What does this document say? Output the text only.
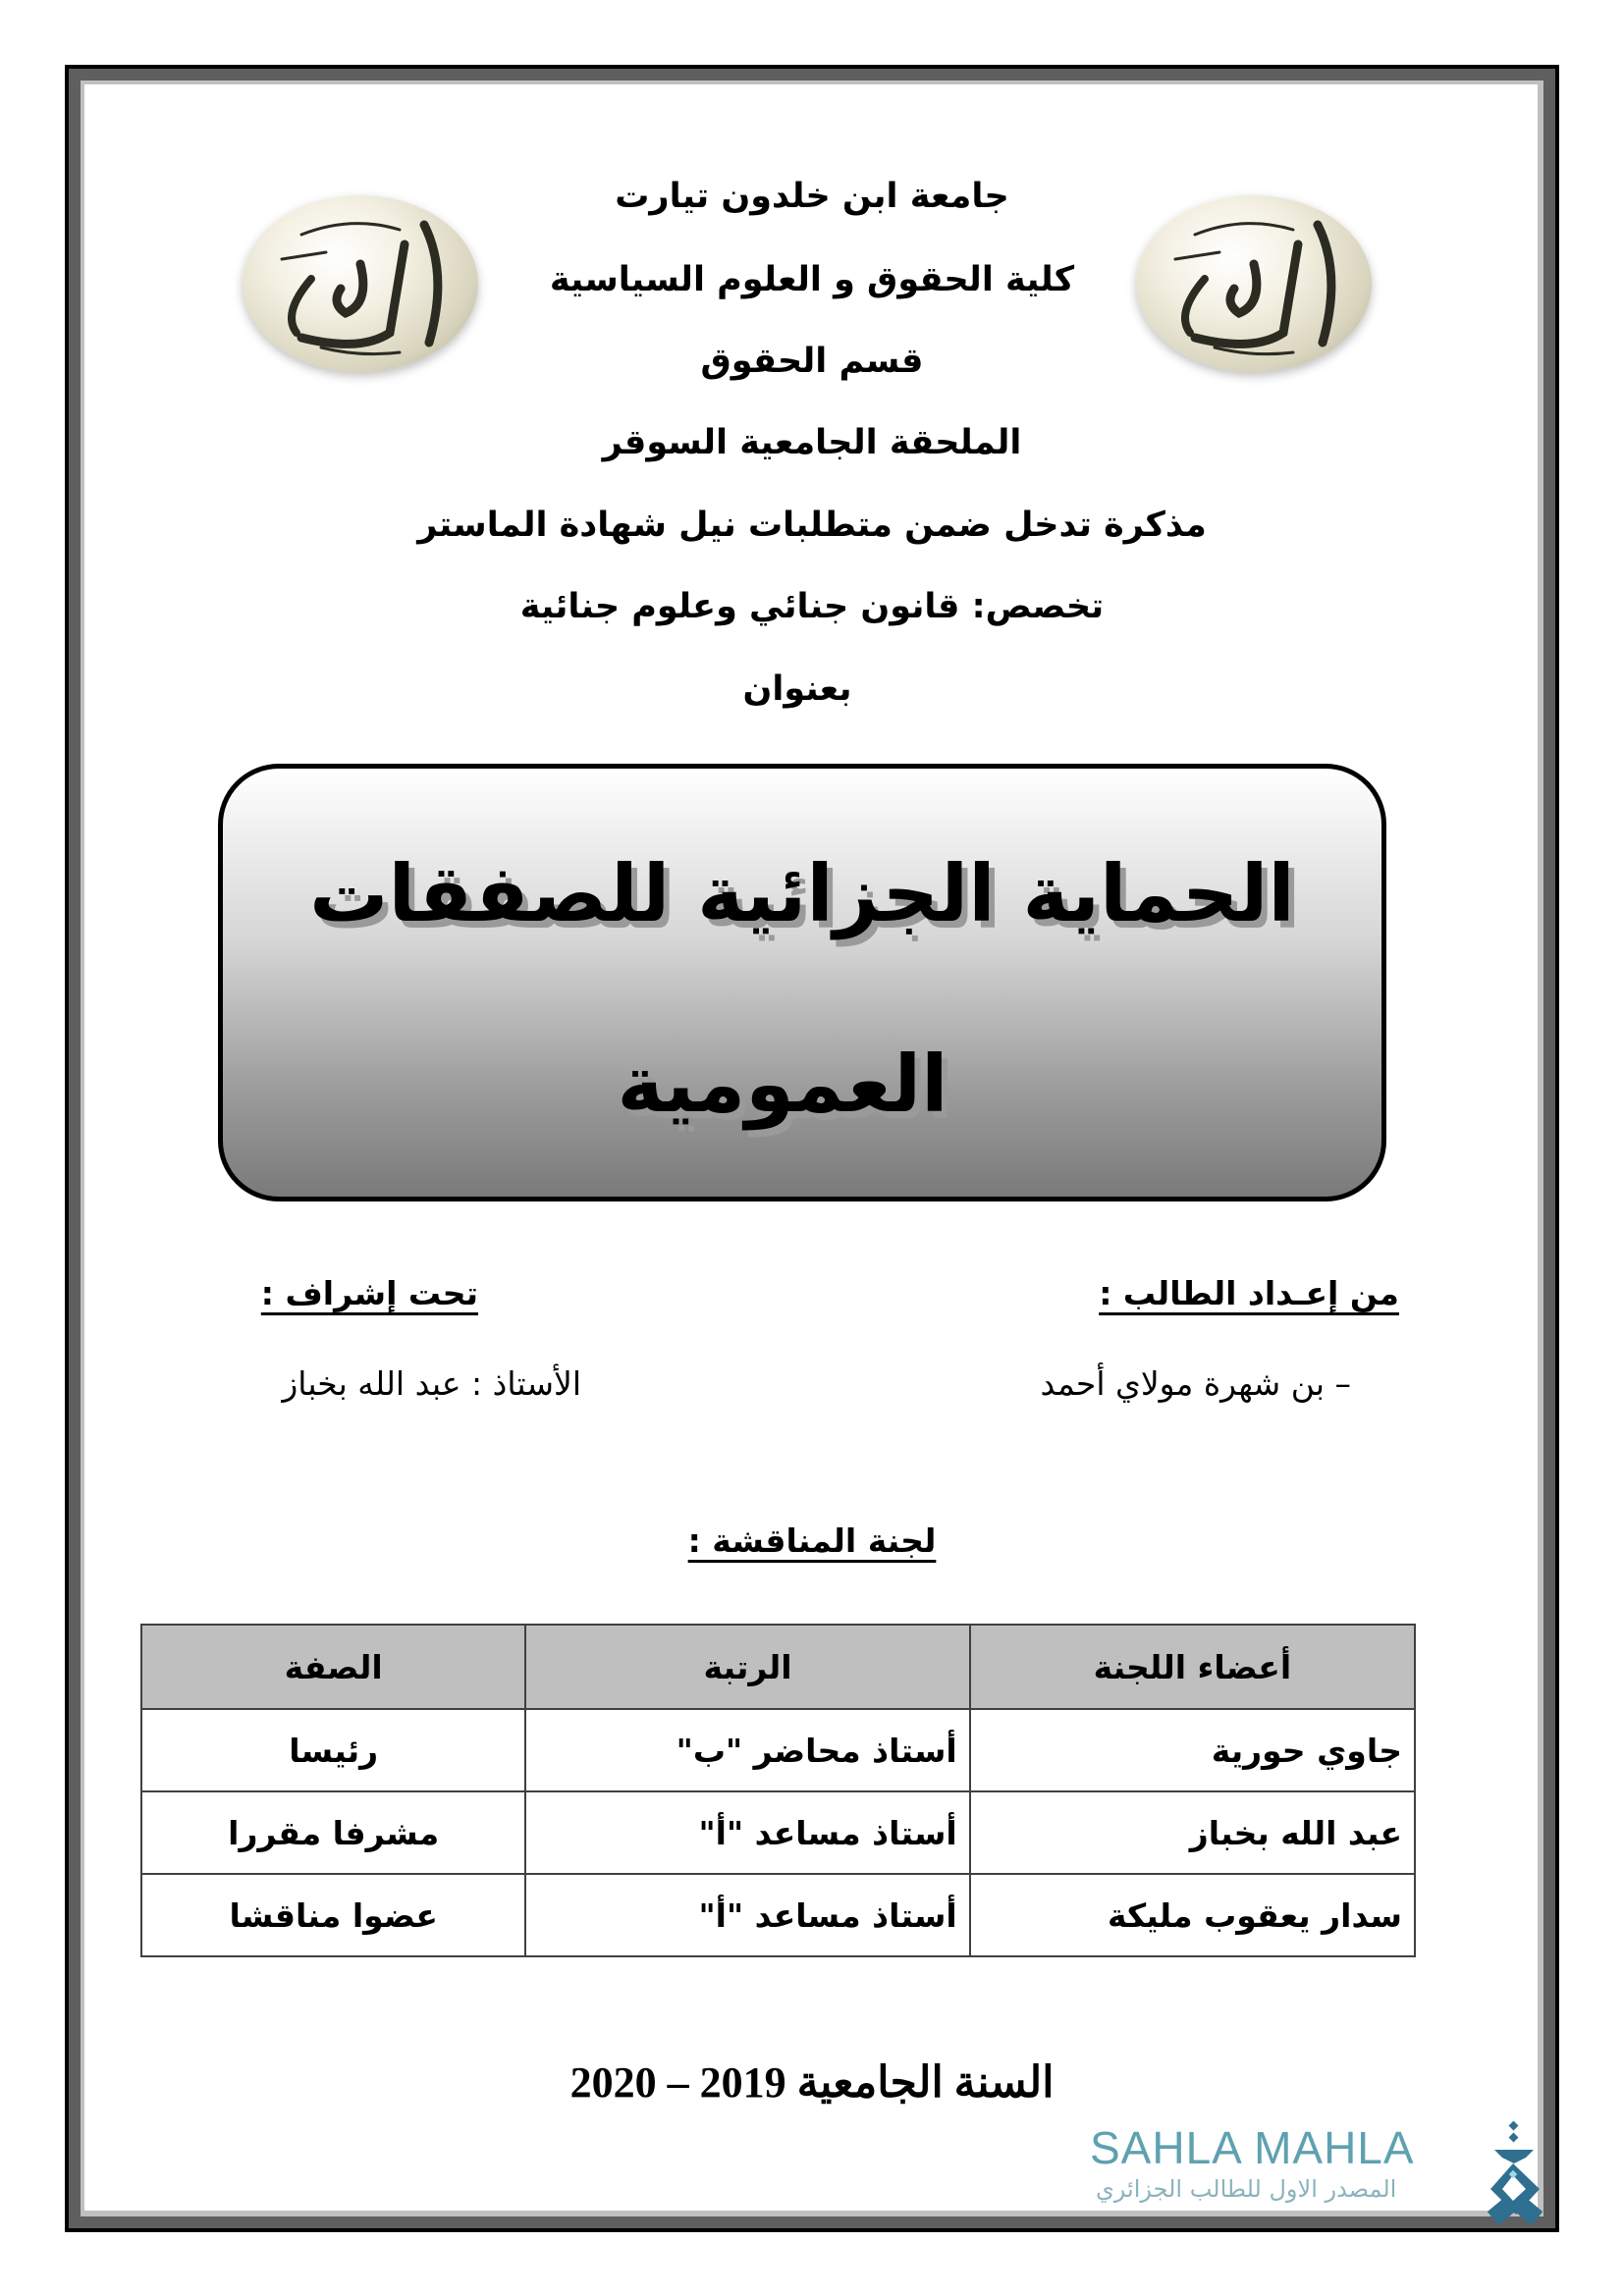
جامعة ابن خلدون تيارت
كلية الحقوق و العلوم السياسية
قسم الحقوق
الملحقة الجامعية السوقر
مذكرة تدخل ضمن متطلبات نيل شهادة الماستر
تخصص: قانون جنائي وعلوم جنائية
بعنوان
الحماية الجزائية للصفقات
العمومية
من إعـداد الطالب :
تحت إشراف :
– بن شهرة مولاي أحمد
الأستاذ : عبد الله بخباز
لجنة المناقشة :
أعضاء اللجنة	الرتبة	الصفة
جاوي حورية	أستاذ محاضر "ب"	رئيسا
عبد الله بخباز	أستاذ مساعد "أ"	مشرفا مقررا
سدار يعقوب مليكة	أستاذ مساعد "أ"	عضوا مناقشا
السنة الجامعية 2019 – 2020
SAHLA MAHLA
المصدر الاول للطالب الجزائري
